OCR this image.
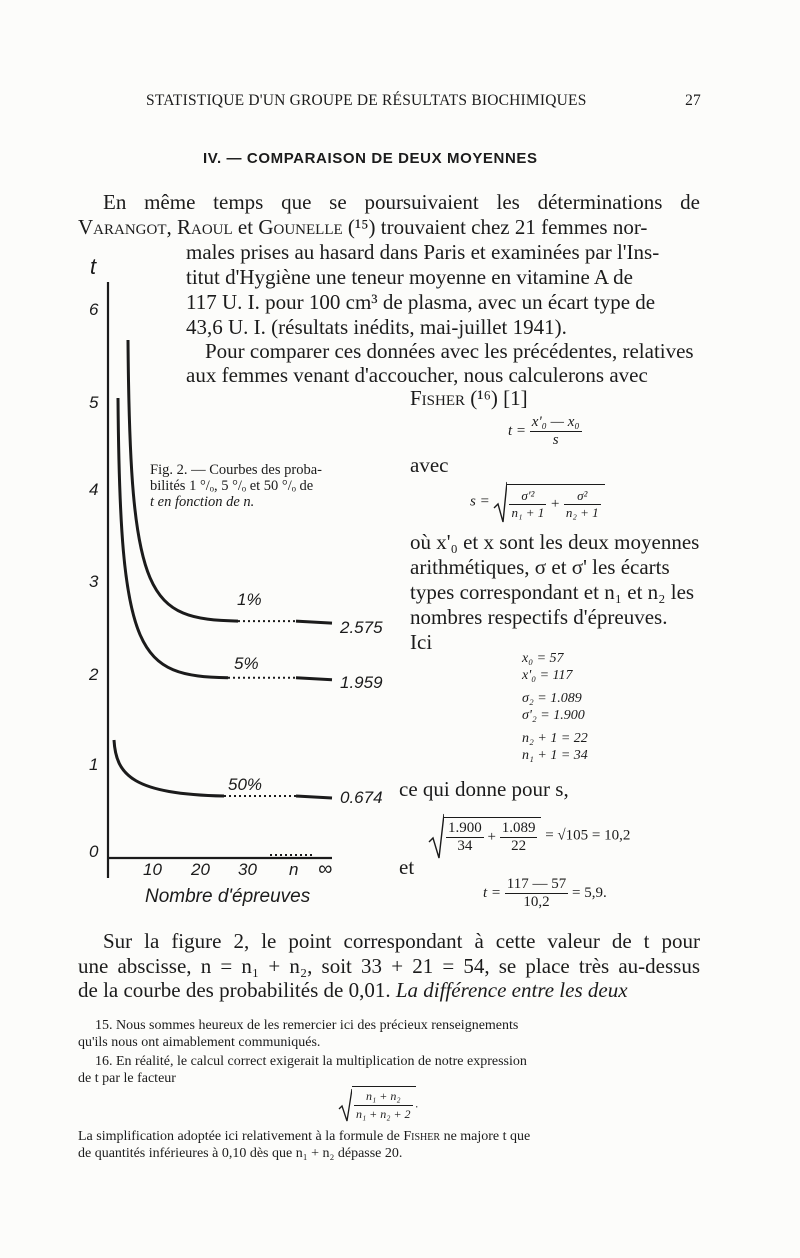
STATISTIQUE D'UN GROUPE DE RÉSULTATS BIOCHIMIQUES	27
IV. — COMPARAISON DE DEUX MOYENNES
En même temps que se poursuivaient les déterminations de
Varangot, Raoul et Gounelle (¹⁵) trouvaient chez 21 femmes nor-
males prises au hasard dans Paris et examinées par l'Ins-
titut d'Hygiène une teneur moyenne en vitamine A de
117 U. I. pour 100 cm³ de plasma, avec un écart type de
43,6 U. I. (résultats inédits, mai-juillet 1941).
Pour comparer ces données avec les précédentes, relatives
aux femmes venant d'accoucher, nous calculerons avec
Fisher (¹⁶) [1]
$t = \frac{\text{x'₀ — x₀}}{s}$
avec
$s = \frac{\text{σ'²}}{\text{n₁ + 1}} + \frac{\text{σ²}}{\text{n₂ + 1}}$
où x'₀ et x sont les deux moyennes
arithmétiques, σ et σ' les écarts
types correspondant et n₁ et n₂ les
nombres respectifs d'épreuves.
Ici
x₀ = 57
x'₀ = 117
σ₂ = 1.089
σ'₂ = 1.900
n₂ + 1 = 22
n₁ + 1 = 34
ce qui donne pour s,
$\frac{1.900}{34} + \frac{1.089}{22} = √105 = 10,2$
et
$t = \frac{117 — 57}{10,2} = 5,9$.
t
6
5
4
3
2
1
0
10 20 30 n ∞
Nombre d'épreuves
1%
5%
50%
2.575
1.959
0.674
Fig. 2. — Courbes des proba-
bilités 1 °/ₒ, 5 °/ₒ et 50 °/ₒ de
t en fonction de n.
Sur la figure 2, le point correspondant à cette valeur de t pour
une abscisse, n = n₁ + n₂, soit 33 + 21 = 54, se place très au-dessus
de la courbe des probabilités de 0,01. La différence entre les deux
15. Nous sommes heureux de les remercier ici des précieux renseignements
qu'ils nous ont aimablement communiqués.
16. En réalité, le calcul correct exigerait la multiplication de notre expression
de t par le facteur
$\frac{\text{n₁ + n₂}}{\text{n₁ + n₂ + 2}}$ .
La simplification adoptée ici relativement à la formule de Fisher ne majore t que
de quantités inférieures à 0,10 dès que n₁ + n₂ dépasse 20.
